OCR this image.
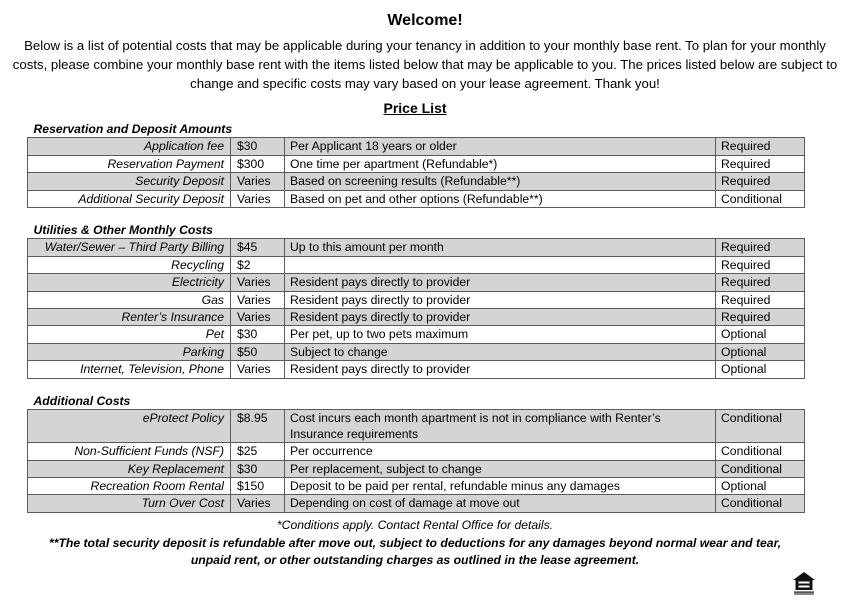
Welcome!
Below is a list of potential costs that may be applicable during your tenancy in addition to your monthly base rent. To plan for your monthly costs, please combine your monthly base rent with the items listed below that may be applicable to you. The prices listed below are subject to change and specific costs may vary based on your lease agreement. Thank you!
Price List
Reservation and Deposit Amounts			
Application fee	$30	Per Applicant 18 years or older	Required
Reservation Payment	$300	One time per apartment (Refundable*)	Required
Security Deposit	Varies	Based on screening results (Refundable**)	Required
Additional Security Deposit	Varies	Based on pet and other options (Refundable**)	Conditional

Utilities & Other Monthly Costs			
Water/Sewer – Third Party Billing	$45	Up to this amount per month	Required
Recycling	$2		Required
Electricity	Varies	Resident pays directly to provider	Required
Gas	Varies	Resident pays directly to provider	Required
Renter’s Insurance	Varies	Resident pays directly to provider	Required
Pet	$30	Per pet, up to two pets maximum	Optional
Parking	$50	Subject to change	Optional
Internet, Television, Phone	Varies	Resident pays directly to provider	Optional

Additional Costs			
eProtect Policy	$8.95	Cost incurs each month apartment is not in compliance with Renter’s Insurance requirements	Conditional
Non-Sufficient Funds (NSF)	$25	Per occurrence	Conditional
Key Replacement	$30	Per replacement, subject to change	Conditional
Recreation Room Rental	$150	Deposit to be paid per rental, refundable minus any damages	Optional
Turn Over Cost	Varies	Depending on cost of damage at move out	Conditional
*Conditions apply. Contact Rental Office for details.
**The total security deposit is refundable after move out, subject to deductions for any damages beyond normal wear and tear, unpaid rent, or other outstanding charges as outlined in the lease agreement.
